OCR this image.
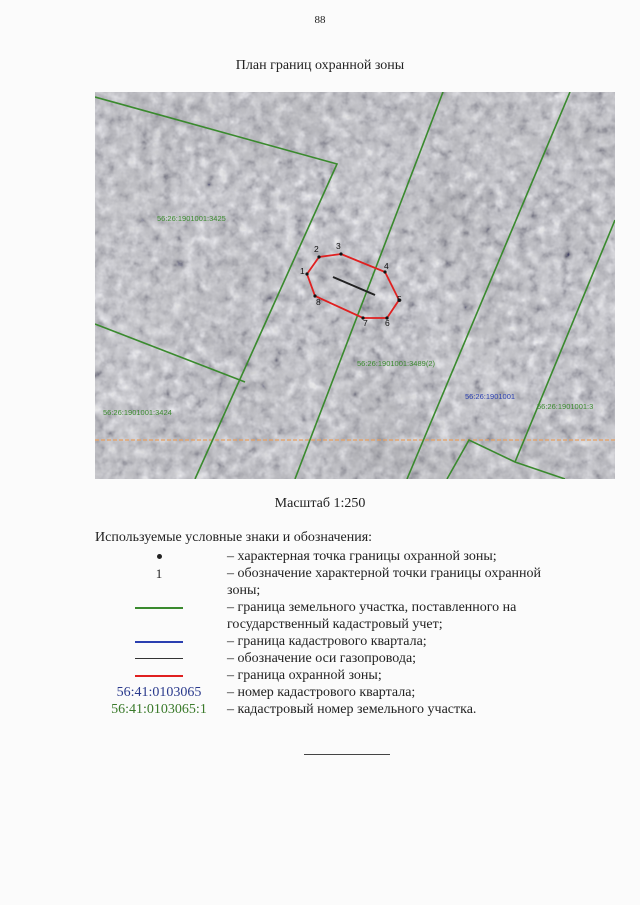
88
План границ охранной зоны
1
2 3
4
5
6
7
8
56:26:1901001:3425
56:26:1901001:3489(2)
56:26:1901001:3424
56:26:1901001:3
56:26:1901001
Масштаб 1:250
Используемые условные знаки и обозначения:
– характерная точка границы охранной зоны;
1	– обозначение характерной точки границы охранной зоны;
– граница земельного участка, поставленного на государственный кадастровый учет;
– граница кадастрового квартала;
– обозначение оси газопровода;
– граница охранной зоны;
56:41:0103065 – номер кадастрового квартала;
56:41:0103065:1 – кадастровый номер земельного участка.
